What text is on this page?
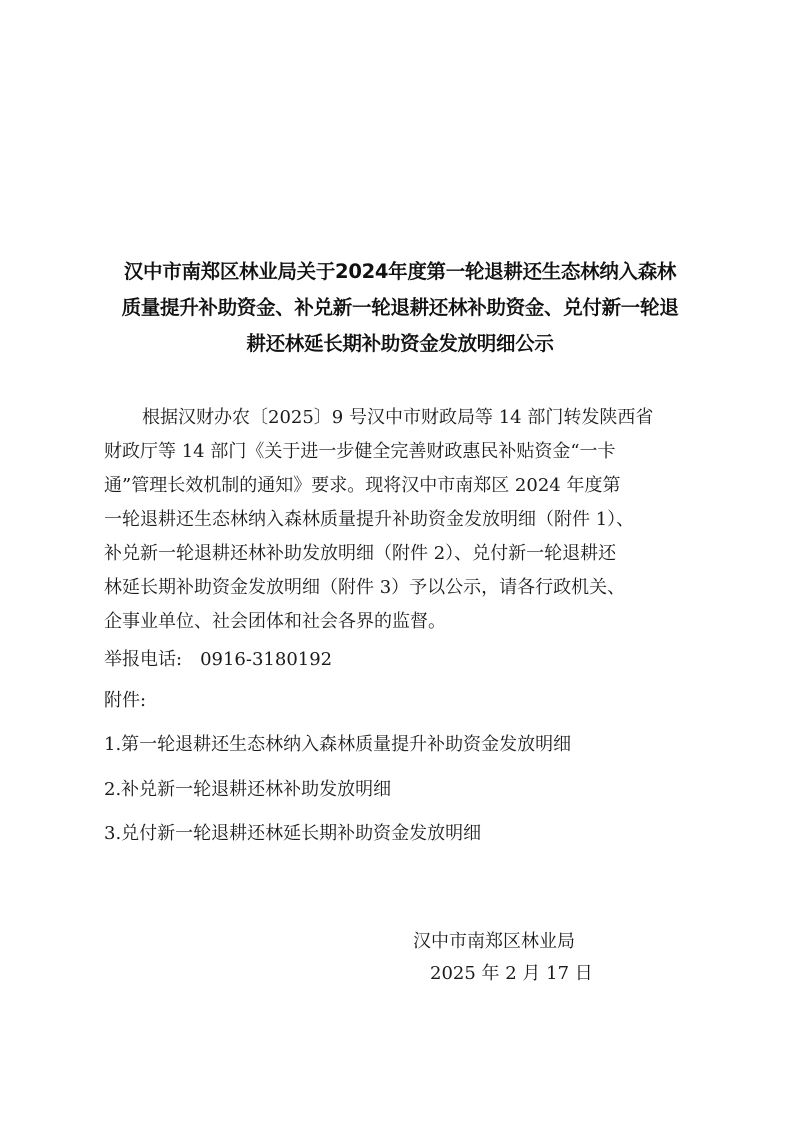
汉中市南郑区林业局关于2024年度第一轮退耕还生态林纳入森林
质量提升补助资金、补兑新一轮退耕还林补助资金、兑付新一轮退
耕还林延长期补助资金发放明细公示
根据汉财办农〔2025〕9 号汉中市财政局等 14 部门转发陕西省
财政厅等 14 部门《关于进一步健全完善财政惠民补贴资金“一卡
通”管理长效机制的通知》要求。现将汉中市南郑区 2024 年度第
一轮退耕还生态林纳入森林质量提升补助资金发放明细（附件 1）、
补兑新一轮退耕还林补助发放明细（附件 2）、兑付新一轮退耕还
林延长期补助资金发放明细（附件 3）予以公示，请各行政机关、
企事业单位、社会团体和社会各界的监督。
举报电话: 0916-3180192
附件:
1.第一轮退耕还生态林纳入森林质量提升补助资金发放明细
2.补兑新一轮退耕还林补助发放明细
3.兑付新一轮退耕还林延长期补助资金发放明细
汉中市南郑区林业局
2025 年 2 月 17 日
